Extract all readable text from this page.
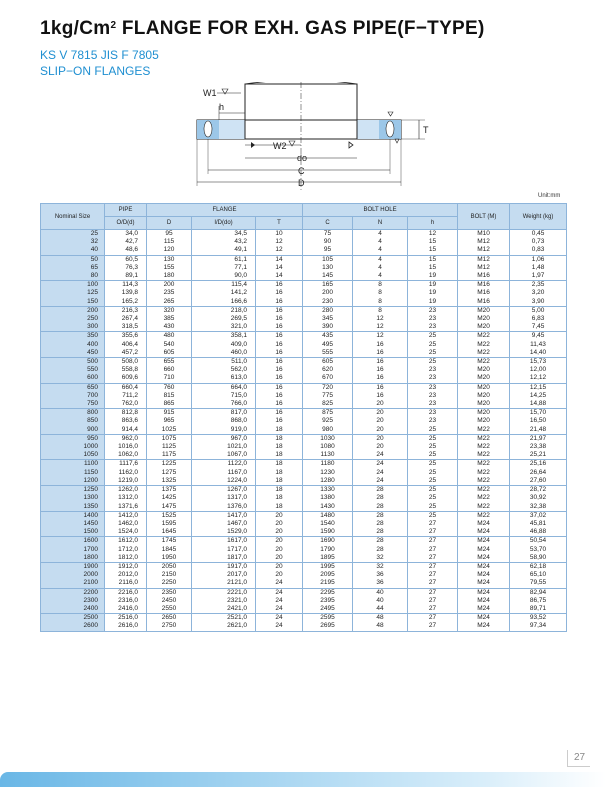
1kg/Cm$^2$ FLANGE FOR EXH. GAS PIPE(F−TYPE)
KS V 7815 JIS F 7805
SLIP−ON FLANGES
W1
h
W2
do
C
D
T
Unit:mm
Nominal Size	PIPE	FLANGE			BOLT HOLE			BOLT (M)	Weight (kg)
	O/D(d)	D	I/D(do)	T	C	N	h		
25	34,0	95	34,5	10	75	4	12	M10	0,45
32	42,7	115	43,2	12	90	4	15	M12	0,73
40	48,6	120	49,1	12	95	4	15	M12	0,83
50	60,5	130	61,1	14	105	4	15	M12	1,06
65	76,3	155	77,1	14	130	4	15	M12	1,48
80	89,1	180	90,0	14	145	4	19	M16	1,97
100	114,3	200	115,4	16	165	8	19	M16	2,35
125	139,8	235	141,2	16	200	8	19	M16	3,20
150	165,2	265	166,6	16	230	8	19	M16	3,90
200	216,3	320	218,0	16	280	8	23	M20	5,00
250	267,4	385	269,5	16	345	12	23	M20	6,83
300	318,5	430	321,0	16	390	12	23	M20	7,45
350	355,6	480	358,1	16	435	12	25	M22	9,45
400	406,4	540	409,0	16	495	16	25	M22	11,43
450	457,2	605	460,0	16	555	16	25	M22	14,40
500	508,0	655	511,0	16	605	16	25	M22	15,73
550	558,8	660	562,0	16	620	16	23	M20	12,00
600	609,6	710	613,0	16	670	16	23	M20	12,12
650	660,4	760	664,0	16	720	16	23	M20	12,15
700	711,2	815	715,0	16	775	16	23	M20	14,25
750	762,0	865	766,0	16	825	20	23	M20	14,88
800	812,8	915	817,0	16	875	20	23	M20	15,70
850	863,6	965	868,0	16	925	20	23	M20	16,50
900	914,4	1025	919,0	18	980	20	25	M22	21,48
950	962,0	1075	967,0	18	1030	20	25	M22	21,97
1000	1016,0	1125	1021,0	18	1080	20	25	M22	23,38
1050	1062,0	1175	1067,0	18	1130	24	25	M22	25,21
1100	1117,6	1225	1122,0	18	1180	24	25	M22	25,16
1150	1162,0	1275	1167,0	18	1230	24	25	M22	26,64
1200	1219,0	1325	1224,0	18	1280	24	25	M22	27,60
1250	1262,0	1375	1267,0	18	1330	28	25	M22	28,72
1300	1312,0	1425	1317,0	18	1380	28	25	M22	30,92
1350	1371,6	1475	1376,0	18	1430	28	25	M22	32,38
1400	1412,0	1525	1417,0	20	1480	28	25	M22	37,02
1450	1462,0	1595	1467,0	20	1540	28	27	M24	45,81
1500	1524,0	1645	1529,0	20	1590	28	27	M24	46,88
1600	1612,0	1745	1617,0	20	1690	28	27	M24	50,54
1700	1712,0	1845	1717,0	20	1790	28	27	M24	53,70
1800	1812,0	1950	1817,0	20	1895	32	27	M24	58,90
1900	1912,0	2050	1917,0	20	1995	32	27	M24	62,18
2000	2012,0	2150	2017,0	20	2095	36	27	M24	65,10
2100	2116,0	2250	2121,0	24	2195	36	27	M24	79,55
2200	2216,0	2350	2221,0	24	2295	40	27	M24	82,94
2300	2316,0	2450	2321,0	24	2395	40	27	M24	86,75
2400	2416,0	2550	2421,0	24	2495	44	27	M24	89,71
2500	2516,0	2650	2521,0	24	2595	48	27	M24	93,52
2600	2616,0	2750	2621,0	24	2695	48	27	M24	97,34
27
